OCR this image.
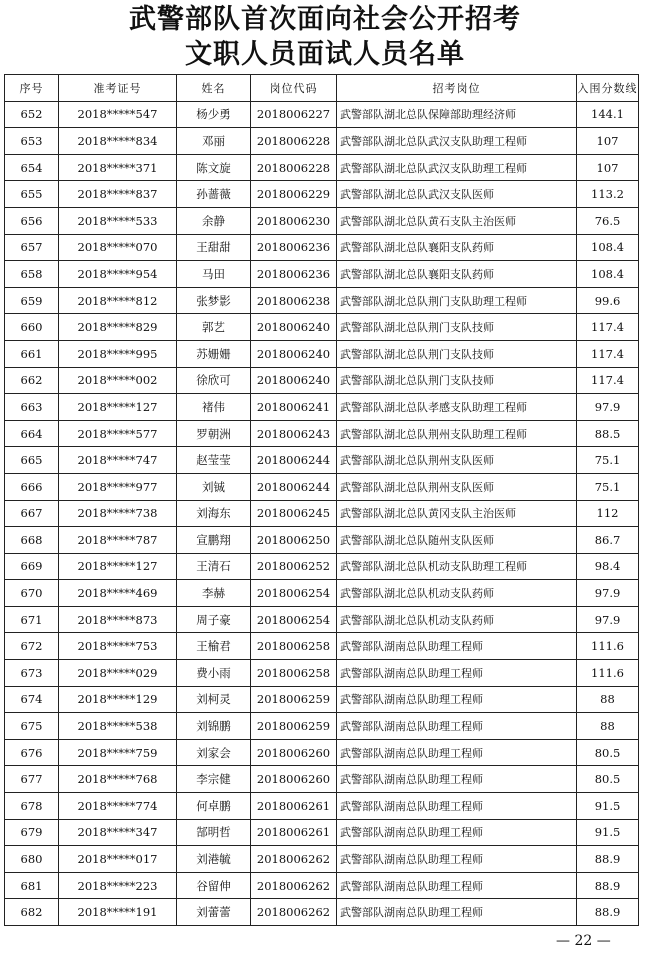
武警部队首次面向社会公开招考
文职人员面试人员名单
序号	准考证号	姓名	岗位代码	招考岗位	入围分数线
652	2018*****547	杨少勇	2018006227	武警部队湖北总队保障部助理经济师	144.1
653	2018*****834	邓丽	2018006228	武警部队湖北总队武汉支队助理工程师	107
654	2018*****371	陈文旋	2018006228	武警部队湖北总队武汉支队助理工程师	107
655	2018*****837	孙蔷薇	2018006229	武警部队湖北总队武汉支队医师	113.2
656	2018*****533	余静	2018006230	武警部队湖北总队黄石支队主治医师	76.5
657	2018*****070	王甜甜	2018006236	武警部队湖北总队襄阳支队药师	108.4
658	2018*****954	马田	2018006236	武警部队湖北总队襄阳支队药师	108.4
659	2018*****812	张梦影	2018006238	武警部队湖北总队荆门支队助理工程师	99.6
660	2018*****829	郭艺	2018006240	武警部队湖北总队荆门支队技师	117.4
661	2018*****995	苏姗姗	2018006240	武警部队湖北总队荆门支队技师	117.4
662	2018*****002	徐欣可	2018006240	武警部队湖北总队荆门支队技师	117.4
663	2018*****127	褚伟	2018006241	武警部队湖北总队孝感支队助理工程师	97.9
664	2018*****577	罗朝洲	2018006243	武警部队湖北总队荆州支队助理工程师	88.5
665	2018*****747	赵莹莹	2018006244	武警部队湖北总队荆州支队医师	75.1
666	2018*****977	刘铖	2018006244	武警部队湖北总队荆州支队医师	75.1
667	2018*****738	刘海东	2018006245	武警部队湖北总队黄冈支队主治医师	112
668	2018*****787	宣鹏翔	2018006250	武警部队湖北总队随州支队医师	86.7
669	2018*****127	王清石	2018006252	武警部队湖北总队机动支队助理工程师	98.4
670	2018*****469	李赫	2018006254	武警部队湖北总队机动支队药师	97.9
671	2018*****873	周子豪	2018006254	武警部队湖北总队机动支队药师	97.9
672	2018*****753	王榆君	2018006258	武警部队湖南总队助理工程师	111.6
673	2018*****029	费小雨	2018006258	武警部队湖南总队助理工程师	111.6
674	2018*****129	刘柯灵	2018006259	武警部队湖南总队助理工程师	88
675	2018*****538	刘锦鹏	2018006259	武警部队湖南总队助理工程师	88
676	2018*****759	刘家会	2018006260	武警部队湖南总队助理工程师	80.5
677	2018*****768	李宗健	2018006260	武警部队湖南总队助理工程师	80.5
678	2018*****774	何卓鹏	2018006261	武警部队湖南总队助理工程师	91.5
679	2018*****347	郜明哲	2018006261	武警部队湖南总队助理工程师	91.5
680	2018*****017	刘港毓	2018006262	武警部队湖南总队助理工程师	88.9
681	2018*****223	谷留伸	2018006262	武警部队湖南总队助理工程师	88.9
682	2018*****191	刘蕾蕾	2018006262	武警部队湖南总队助理工程师	88.9
— 22 —
